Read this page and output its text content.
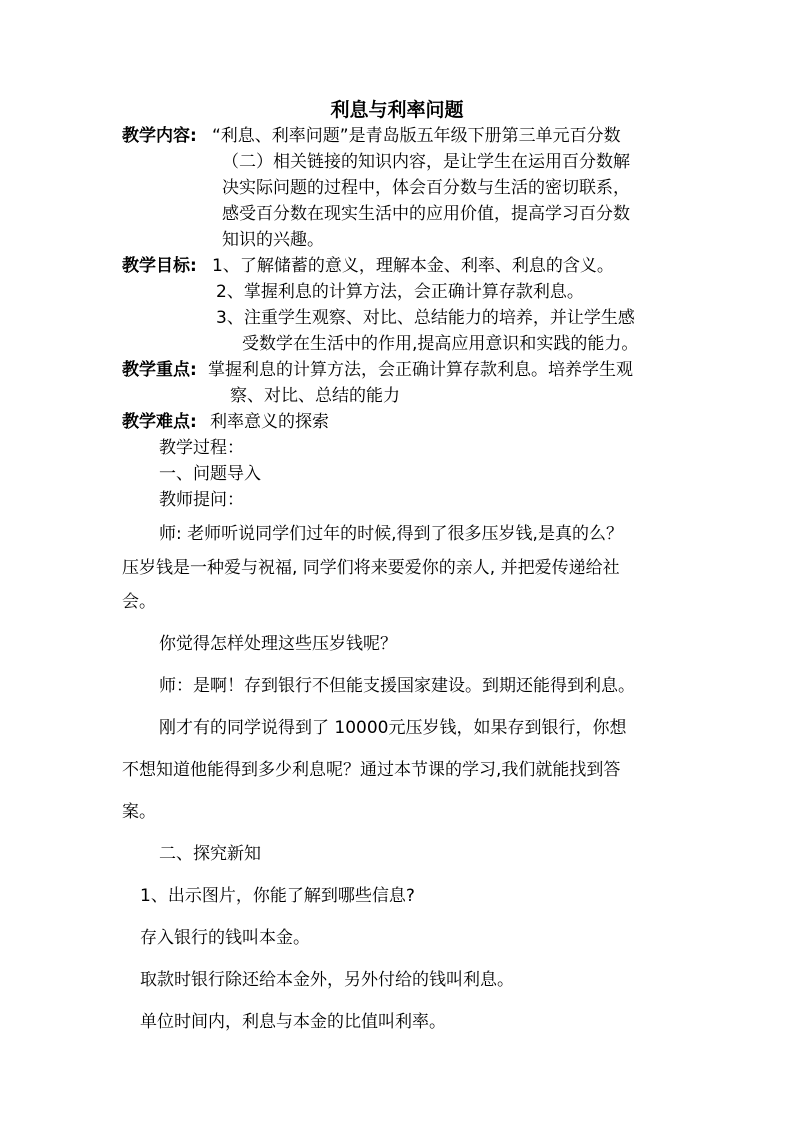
利息与利率问题
教学内容: “利息、利率问题”是青岛版五年级下册第三单元百分数
（二）相关链接的知识内容，是让学生在运用百分数解
决实际问题的过程中，体会百分数与生活的密切联系，
感受百分数在现实生活中的应用价值，提高学习百分数
知识的兴趣。
教学目标: 1、了解储蓄的意义，理解本金、利率、利息的含义。
2、掌握利息的计算方法，会正确计算存款利息。
3、注重学生观察、对比、总结能力的培养，并让学生感
受数学在生活中的作用,提高应用意识和实践的能力。
教学重点: 掌握利息的计算方法，会正确计算存款利息。培养学生观
察、对比、总结的能力
教学难点: 利率意义的探索
教学过程：
一、问题导入
教师提问：
师: 老师听说同学们过年的时候,得到了很多压岁钱,是真的么？
压岁钱是一种爱与祝福, 同学们将来要爱你的亲人, 并把爱传递给社
会。
你觉得怎样处理这些压岁钱呢？
师：是啊！存到银行不但能支援国家建设。到期还能得到利息。
刚才有的同学说得到了 10000元压岁钱，如果存到银行，你想
不想知道他能得到多少利息呢？通过本节课的学习,我们就能找到答
案。
二、探究新知
1、出示图片，你能了解到哪些信息?
存入银行的钱叫本金。
取款时银行除还给本金外，另外付给的钱叫利息。
单位时间内，利息与本金的比值叫利率。
